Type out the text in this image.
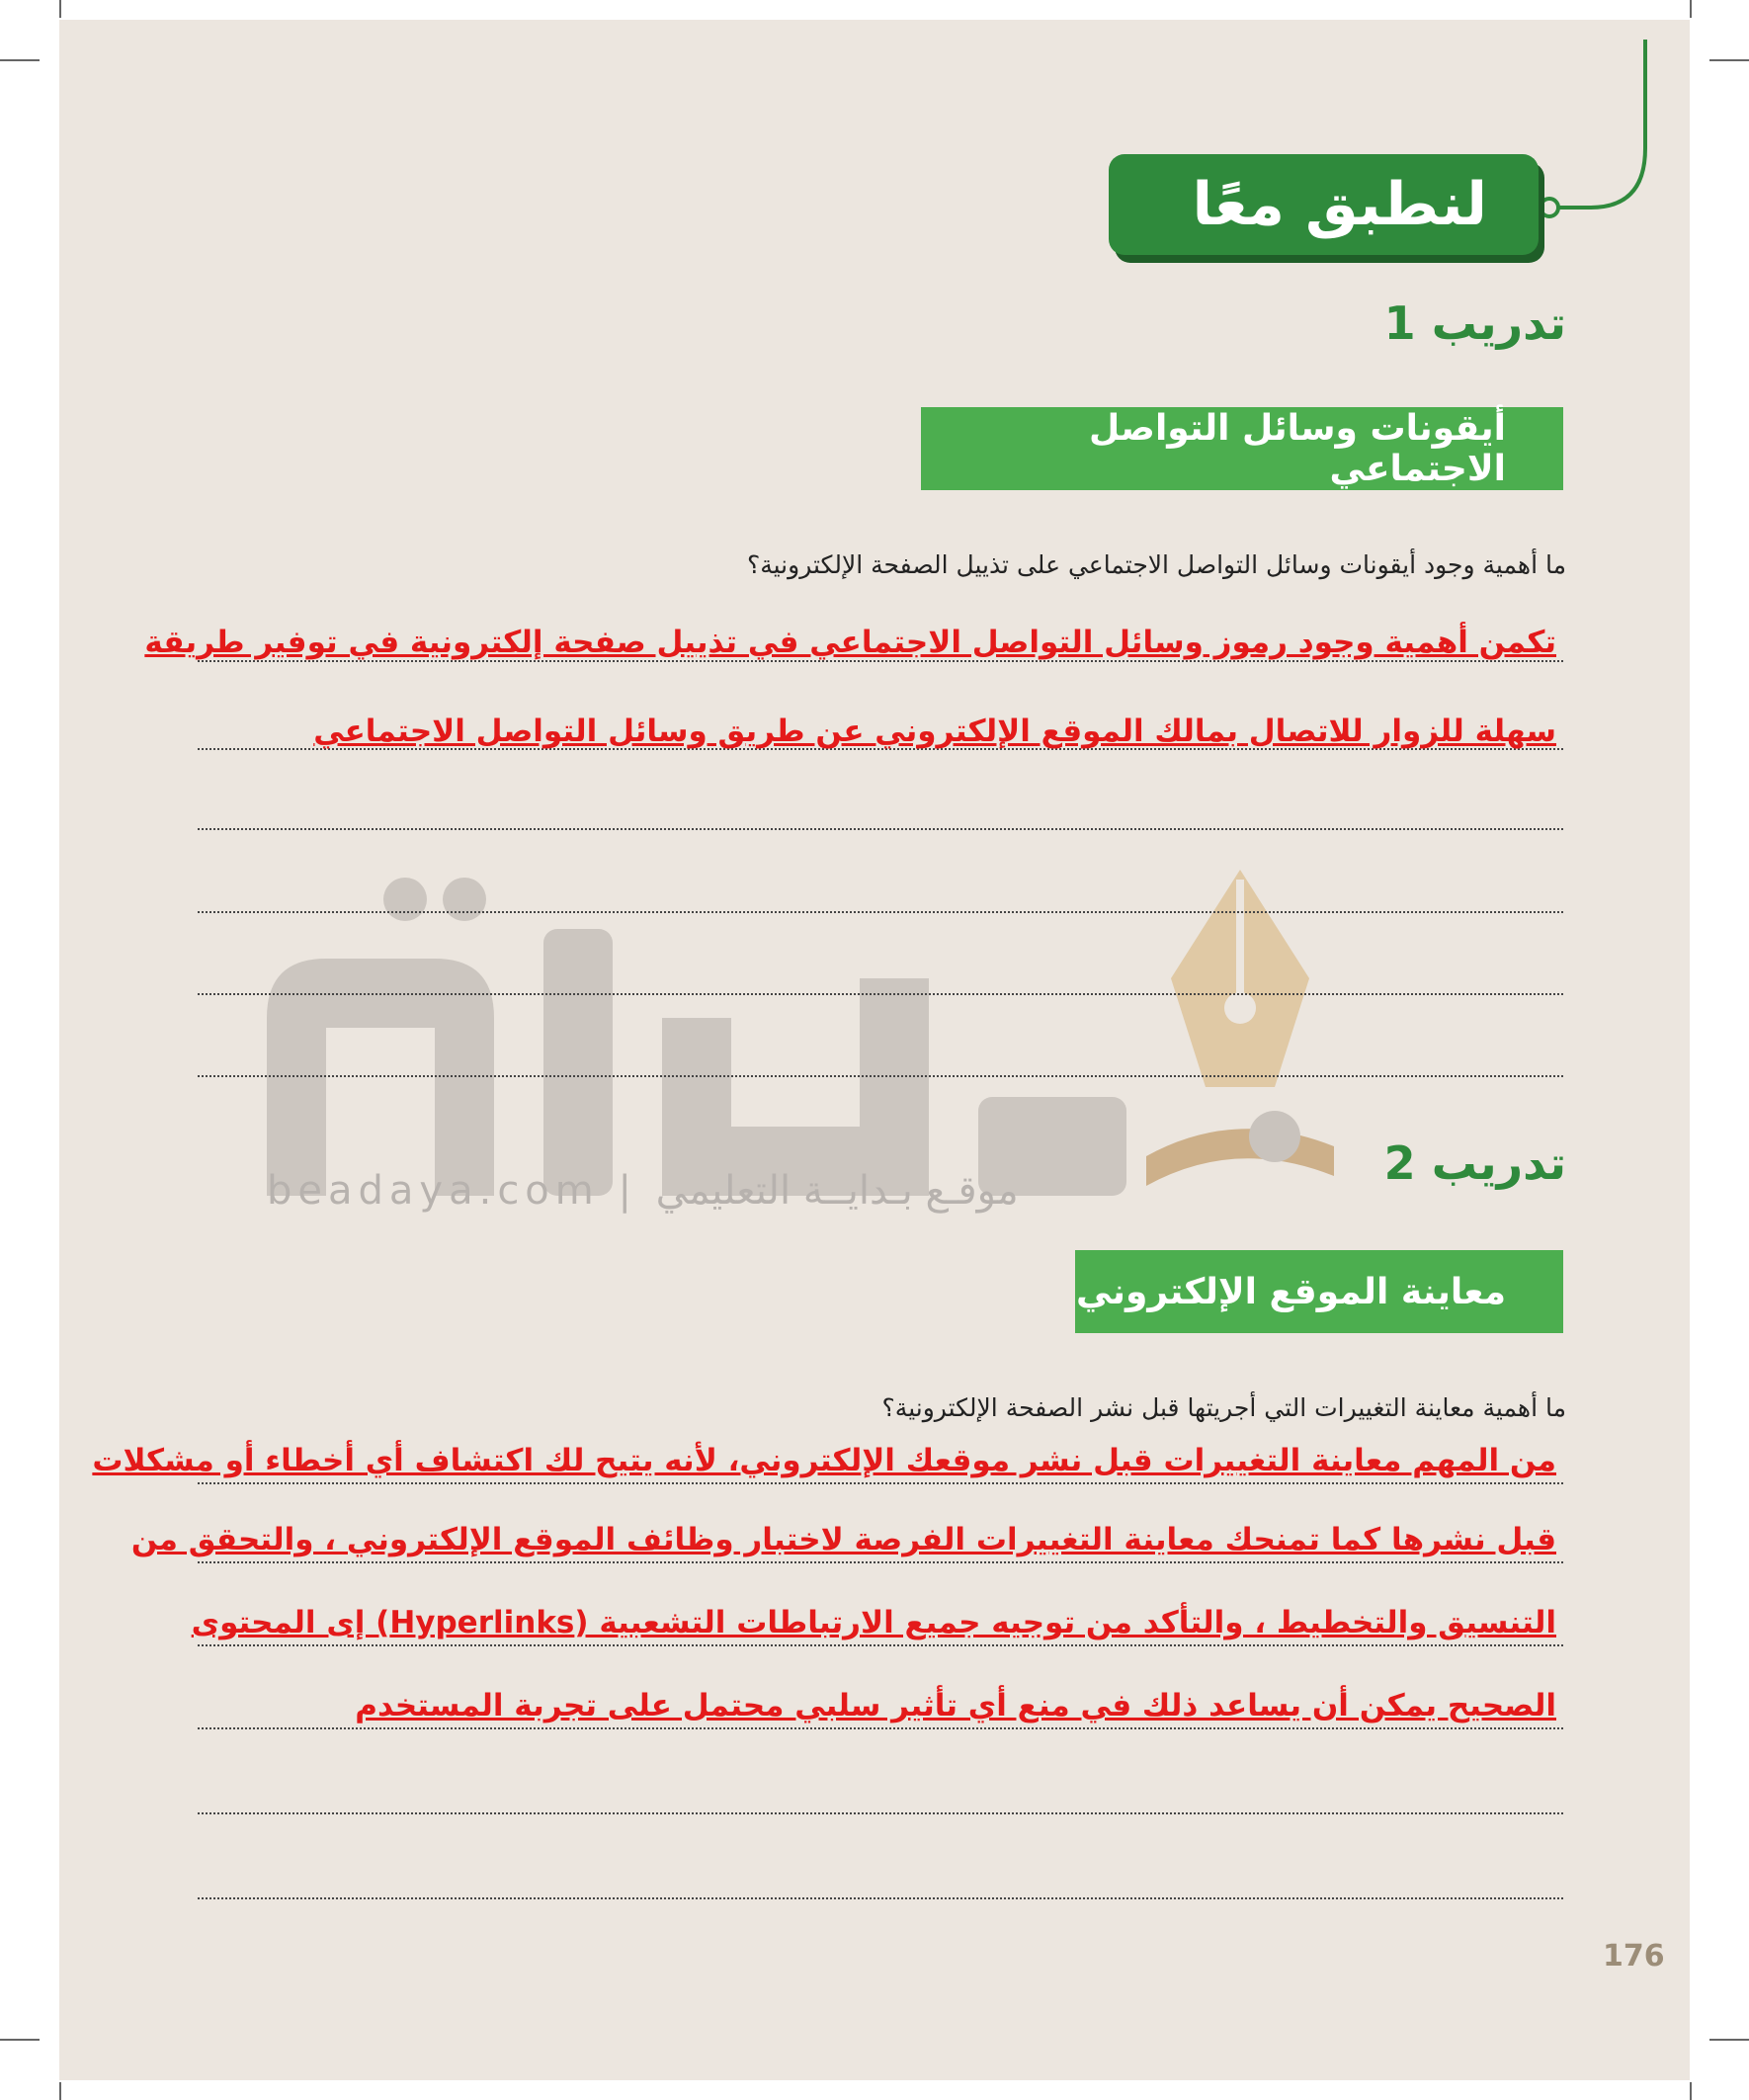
لنطبق معًا
beadaya.com | موقـع بـدايــة التعليمي
تدريب 1
أيقونات وسائل التواصل الاجتماعي
ما أهمية وجود أيقونات وسائل التواصل الاجتماعي على تذييل الصفحة الإلكترونية؟
تكمن أهمية وجود رموز وسائل التواصل الاجتماعي في تذييل صفحة إلكترونية في توفير طريقة
سهلة للزوار للاتصال بمالك الموقع الإلكتروني عن طريق وسائل التواصل الاجتماعي
تدريب 2
معاينة الموقع الإلكتروني
ما أهمية معاينة التغييرات التي أجريتها قبل نشر الصفحة الإلكترونية؟
من المهم معاينة التغييرات قبل نشر موقعك الإلكتروني، لأنه يتيح لك اكتشاف أي أخطاء أو مشكلات
قبل نشرها كما تمنحك معاينة التغييرات الفرصة لاختبار وظائف الموقع الإلكتروني ، والتحقق من
التنسيق والتخطيط ، والتأكد من توجيه جميع الارتباطات التشعبية (Hyperlinks) إى المحتوى
الصحيح يمكن أن يساعد ذلك في منع أي تأثير سلبي محتمل على تجربة المستخدم
176
